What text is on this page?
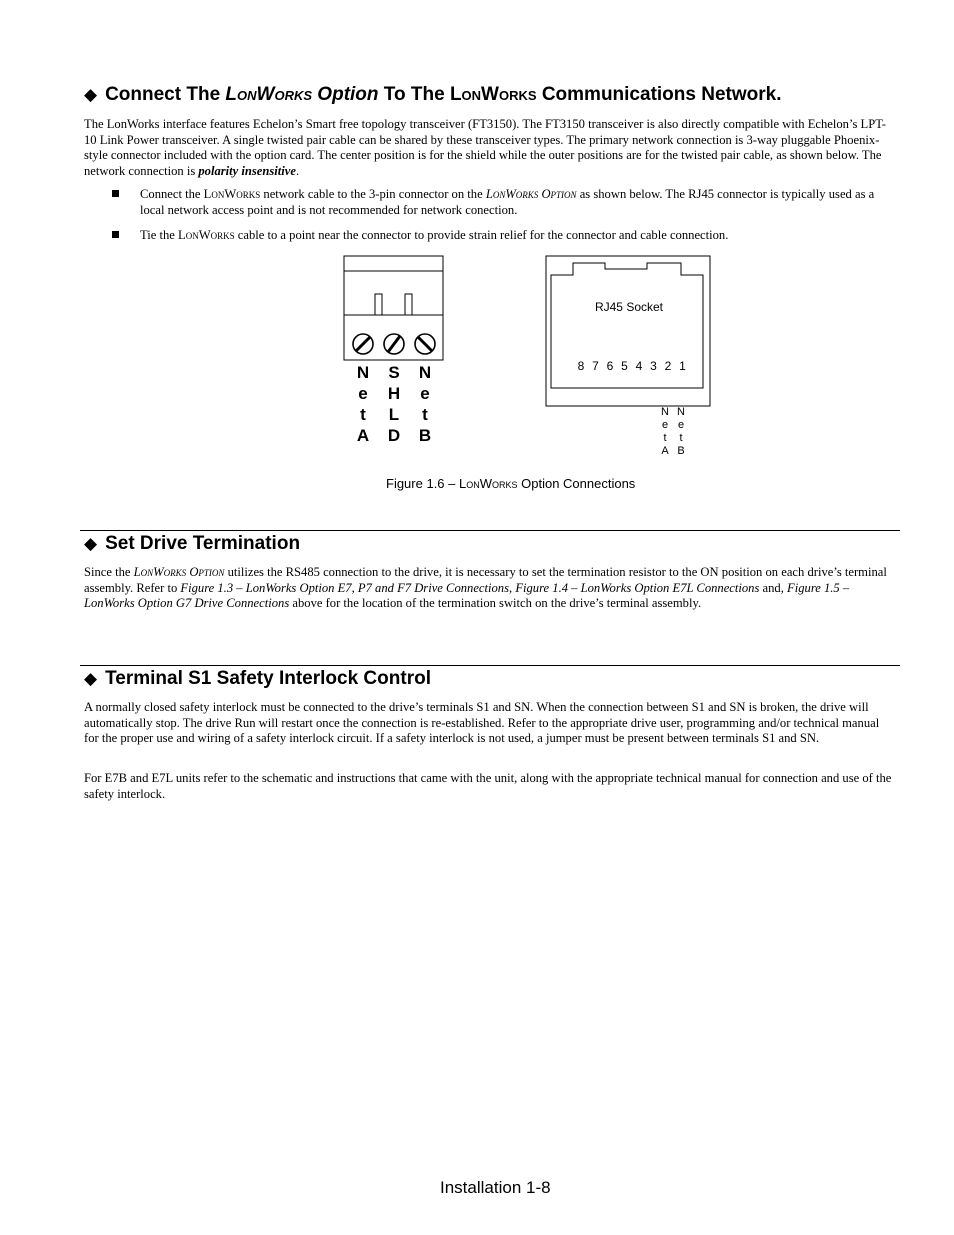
◆ Connect The LonWorks Option To The LonWorks Communications Network.
The LonWorks interface features Echelon’s Smart free topology transceiver (FT3150). The FT3150 transceiver is also directly compatible with Echelon’s LPT-10 Link Power transceiver. A single twisted pair cable can be shared by these transceiver types. The primary network connection is 3-way pluggable Phoenix-style connector included with the option card. The center position is for the shield while the outer positions are for the twisted pair cable, as shown below. The network connection is polarity insensitive.
Connect the LonWorks network cable to the 3-pin connector on the LonWorks Option as shown below. The RJ45 connector is typically used as a local network access point and is not recommended for network conection.
Tie the LonWorks cable to a point near the connector to provide strain relief for the connector and cable connection.
N
e
t
A
S
H
L
D
N
e
t
B
RJ45 Socket
8 7 6 5 4 3 2 1
N
e
t
A
N
e
t
B
Figure 1.6 – LonWorks Option Connections
◆ Set Drive Termination
Since the LonWorks Option utilizes the RS485 connection to the drive, it is necessary to set the termination resistor to the ON position on each drive’s terminal assembly. Refer to Figure 1.3 – LonWorks Option E7, P7 and F7 Drive Connections, Figure 1.4 – LonWorks Option E7L Connections and, Figure 1.5 – LonWorks Option G7 Drive Connections above for the location of the termination switch on the drive’s terminal assembly.
◆ Terminal S1 Safety Interlock Control
A normally closed safety interlock must be connected to the drive’s terminals S1 and SN. When the connection between S1 and SN is broken, the drive will automatically stop. The drive Run will restart once the connection is re-established. Refer to the appropriate drive user, programming and/or technical manual for the proper use and wiring of a safety interlock circuit. If a safety interlock is not used, a jumper must be present between terminals S1 and SN.
For E7B and E7L units refer to the schematic and instructions that came with the unit, along with the appropriate technical manual for connection and use of the safety interlock.
Installation 1-8
